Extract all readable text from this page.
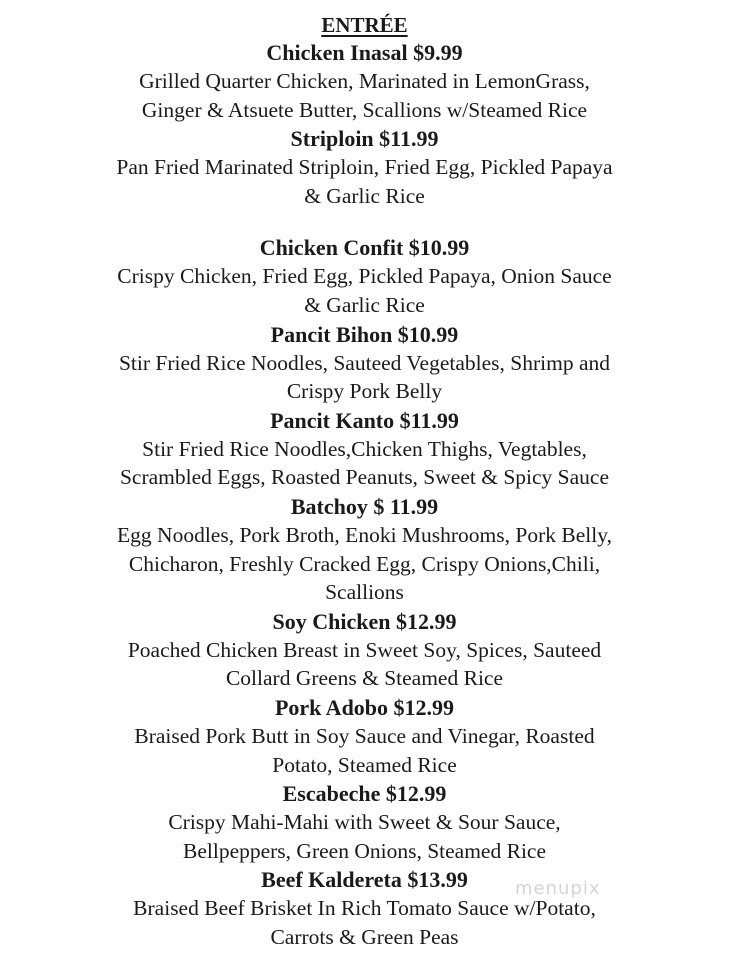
ENTRÉE

Chicken Inasal $9.99
Grilled Quarter Chicken, Marinated in LemonGrass,
Ginger & Atsuete Butter, Scallions w/Steamed Rice
Striploin $11.99
Pan Fried Marinated Striploin, Fried Egg, Pickled Papaya
& Garlic Rice
Chicken Confit $10.99
Crispy Chicken, Fried Egg, Pickled Papaya, Onion Sauce
& Garlic Rice
Pancit Bihon $10.99
Stir Fried Rice Noodles, Sauteed Vegetables, Shrimp and
Crispy Pork Belly
Pancit Kanto $11.99
Stir Fried Rice Noodles,Chicken Thighs, Vegtables,
Scrambled Eggs, Roasted Peanuts, Sweet & Spicy Sauce
Batchoy $ 11.99
Egg Noodles, Pork Broth, Enoki Mushrooms, Pork Belly,
Chicharon, Freshly Cracked Egg, Crispy Onions,Chili,
Scallions
Soy Chicken $12.99
Poached Chicken Breast in Sweet Soy, Spices, Sauteed
Collard Greens & Steamed Rice
Pork Adobo $12.99
Braised Pork Butt in Soy Sauce and Vinegar, Roasted
Potato, Steamed Rice
Escabeche $12.99
Crispy Mahi-Mahi with Sweet & Sour Sauce,
Bellpeppers, Green Onions, Steamed Rice
Beef Kaldereta $13.99
Braised Beef Brisket In Rich Tomato Sauce w/Potato,
Carrots & Green Peas
menupix
